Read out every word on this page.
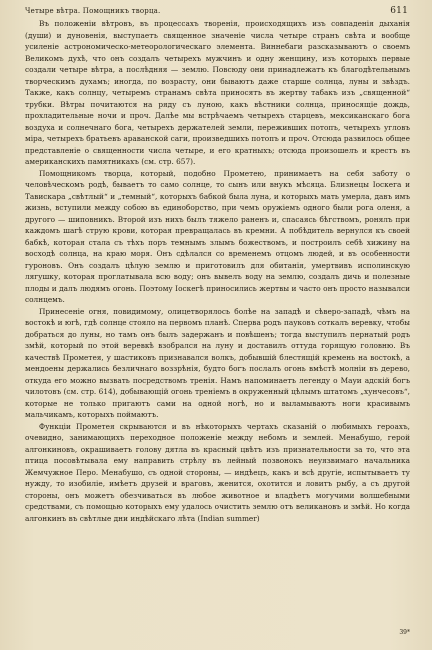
Четыре вѣтра. Помощникъ творца.	611

Въ положеніи вѣтровъ, въ процессахъ творенія, происходящихъ изъ совпаденія дыханія (души) и дуновенія, выступаетъ священное значеніе числа четыре странъ свѣта и вообще усиленіе астрономическо-метеорологическаго элемента. Виннебаги разсказываютъ о своемъ Великомъ духѣ, что онъ создалъ четырехъ мужчинъ и одну женщину, изъ которыхъ первые создали четыре вѣтра, а послѣдняя — землю. Повсюду они принадлежатъ къ благодѣтельнымъ творческимъ духамъ; иногда, по возрасту, они бываютъ даже старше солнца, луны и звѣздъ. Также, какъ солнцу, четыремъ странамъ свѣта приносятъ въ жертву табакъ изъ „священной“ трубки. Вѣтры почитаются на ряду съ луною, какъ вѣстники солнца, приносящіе дождь, прохладительные ночи и проч. Далѣе мы встрѣчаемъ четырехъ старцевъ, мексиканскаго бога воздуха и солнечнаго бога, четырехъ держателей земли, переживших потопъ, четырехъ угловъ міра, четырехъ братьевъ араванской саги, произведшихъ потопъ и проч. Отсюда развилось общее представленіе о священности числа четыре, и его кратныхъ; отсюда произошелъ и крестъ въ американскихъ памятникахъ (см. стр. 657).

Помощникомъ творца, который, подобно Прометею, принимаетъ на себя заботу о человѣческомъ родѣ, бываетъ то само солнце, то сынъ или внукъ мѣсяца. Близнецы Іоскега и Тавискара „свѣтлый“ и „темный“, которыхъ бабкой была луна, и которыхъ мать умерла, давъ имъ жизнь, вступили между собою въ единоборство, при чемъ оружіемъ одного были рога оленя, а другого — шиповникъ. Второй изъ нихъ былъ тяжело раненъ и, спасаясь бѣгствомъ, ронялъ при каждомъ шагѣ струю крови, которая превращалась въ кремни. А побѣдитель вернулся къ своей бабкѣ, которая стала съ тѣхъ поръ темнымъ злымъ божествомъ, и построилъ себѣ хижину на восходѣ солнца, на краю моря. Онъ сдѣлался со временемъ отцомъ людей, и въ особенности гуроновъ. Онъ создалъ цѣлую землю и приготовилъ для обитанія, умертвивъ исполинскую лягушку, которая проглатывала всю воду; онъ вывелъ воду на землю, создалъ дичь и полезные плоды и далъ людямъ огонь. Поэтому Іоскегѣ приносились жертвы и часто онъ просто называлси солнцемъ.

Принесеніе огня, повидимому, олицетворялось болѣе на западѣ и сѣверо-западѣ, чѣмъ на востокѣ и югѣ, гдѣ солнце стояло на первомъ планѣ. Сперва родъ пауковъ соткалъ веревку, чтобы добраться до луны, но тамъ онъ былъ задержанъ и повѣшенъ; тогда выступилъ пернатый родъ змѣй, который по этой веревкѣ взобрался на луну и доставилъ оттуда горящую головню. Въ качествѣ Прометея, у шастиковъ признавался волкъ, добывшій блестящій кремень на востокѣ, а мендоены держались безличнаго воззрѣнія, будто богъ послалъ огонь вмѣстѣ молніи въ дерево, откуда его можно вызвать посредствомъ тренія. Намъ напоминаетъ легенду о Мауи адскій богъ чилотовъ (см. стр. 614), добывающій огонь треніемъ в окруженный цѣлымъ штатомъ „хунчесовъ“, которые не только пригаютъ сами на одной ногѣ, но и выламываютъ ноги красивымъ мальчикамъ, которыхъ поймаютъ.

Функціи Прометея скрываются и въ нѣкоторыхъ чертахъ сказаній о любимыхъ героахъ, очевидно, занимающихъ переходное положеніе между небомъ и землей. Менабушо, герой алгонкиновъ, окрашиваетъ голову дятла въ красный цвѣтъ изъ признательности за то, что эта птица посовѣтывала ему направить стрѣлу въ лейный позвонокъ неуязвимаго начальника Жемчужное Перо. Менабушо, съ одной стороны, — индѣецъ, какъ и всѣ другіе, испытываетъ ту нужду, то изобиліе, имѣетъ друзей и враговъ, женится, охотится и ловитъ рыбу, а съ другой стороны, онъ можетъ обезчиваться въ любое животное и владѣетъ могучими волшебными средствами, съ помощью которыхъ ему удалось очистить землю отъ великановъ и змѣй. Но когда алгонкинъ въ свѣтлые дни индѣйскаго лѣта (Indian summer)

39*
